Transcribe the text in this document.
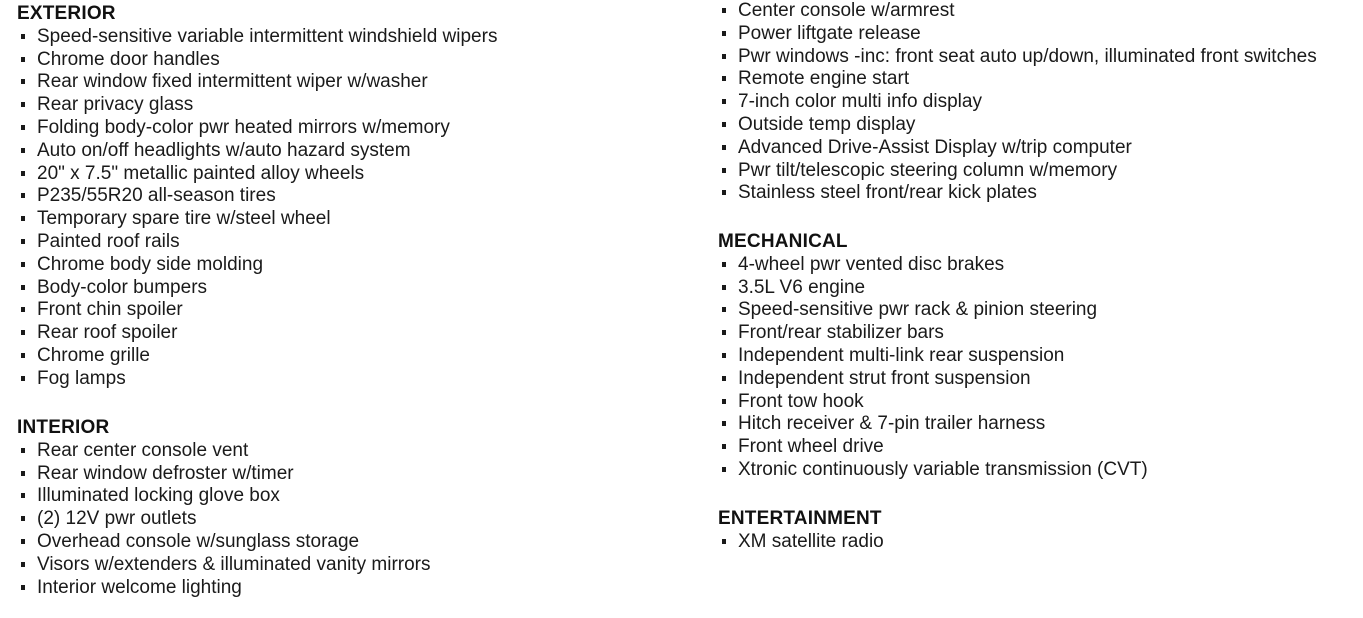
EXTERIOR
Speed-sensitive variable intermittent windshield wipers
Chrome door handles
Rear window fixed intermittent wiper w/washer
Rear privacy glass
Folding body-color pwr heated mirrors w/memory
Auto on/off headlights w/auto hazard system
20" x 7.5" metallic painted alloy wheels
P235/55R20 all-season tires
Temporary spare tire w/steel wheel
Painted roof rails
Chrome body side molding
Body-color bumpers
Front chin spoiler
Rear roof spoiler
Chrome grille
Fog lamps
INTERIOR
Rear center console vent
Rear window defroster w/timer
Illuminated locking glove box
(2) 12V pwr outlets
Overhead console w/sunglass storage
Visors w/extenders & illuminated vanity mirrors
Interior welcome lighting
Center console w/armrest
Power liftgate release
Pwr windows -inc: front seat auto up/down, illuminated front switches
Remote engine start
7-inch color multi info display
Outside temp display
Advanced Drive-Assist Display w/trip computer
Pwr tilt/telescopic steering column w/memory
Stainless steel front/rear kick plates
MECHANICAL
4-wheel pwr vented disc brakes
3.5L V6 engine
Speed-sensitive pwr rack & pinion steering
Front/rear stabilizer bars
Independent multi-link rear suspension
Independent strut front suspension
Front tow hook
Hitch receiver & 7-pin trailer harness
Front wheel drive
Xtronic continuously variable transmission (CVT)
ENTERTAINMENT
XM satellite radio
